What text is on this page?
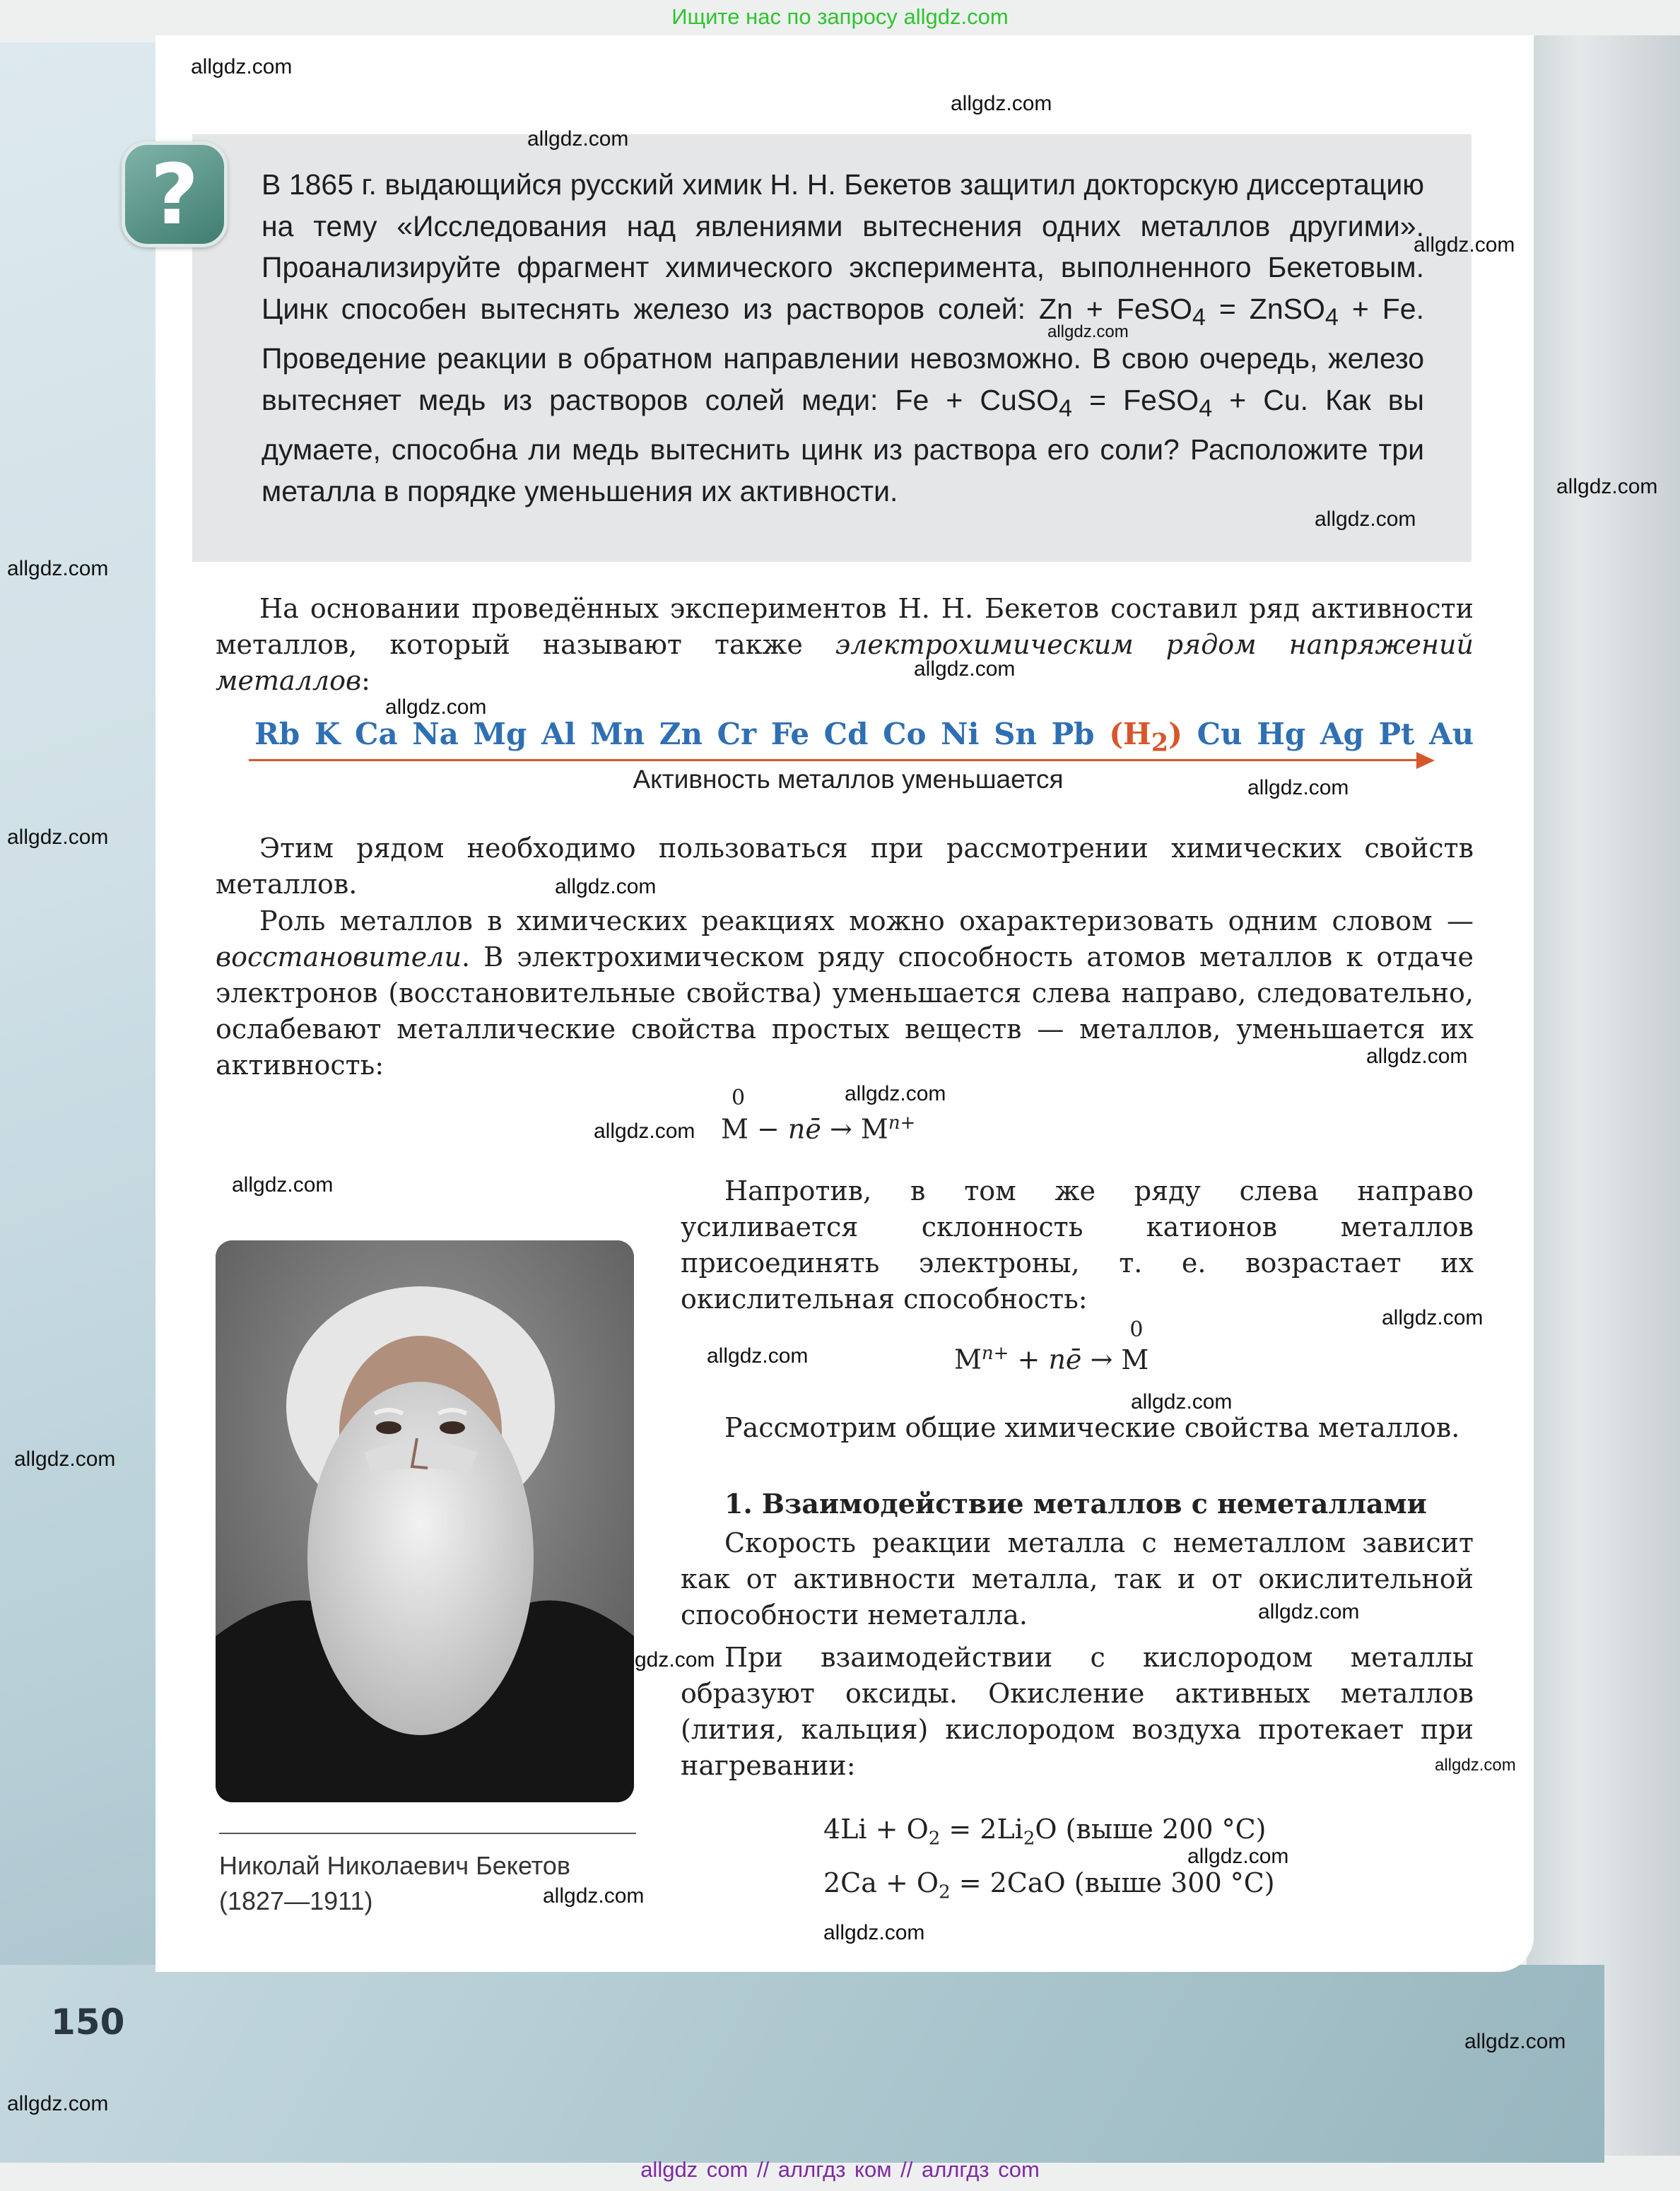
Ищите нас по запросу allgdz.com
?	В 1865 г. выдающийся русский химик Н. Н. Бекетов защитил докторскую диссертацию на тему «Исследования над явлениями вытеснения одних металлов другими». Проанализируйте фрагмент химического эксперимента, выполненного Бекетовым. Цинк способен вытеснять железо из растворов солей: Zn + FeSO$_4$ = ZnSO$_4$ + Fe. Проведение реакции в обратном направлении невозможно. В свою очередь, железо вытесняет медь из растворов солей меди: Fe + CuSO$_4$ = FeSO$_4$ + Cu. Как вы думаете, способна ли медь вытеснить цинк из раствора его соли? Расположите три металла в порядке уменьшения их активности.
На основании проведённых экспериментов Н. Н. Бекетов составил ряд активности металлов, который называют также электрохимическим рядом напряжений металлов:
Rb K Ca Na Mg Al Mn Zn Cr Fe Cd Co Ni Sn Pb $(H_2)$ Cu Hg Ag Pt Au
Активность металлов уменьшается
Этим рядом необходимо пользоваться при рассмотрении химических свойств металлов.
Роль металлов в химических реакциях можно охарактеризовать одним словом — восстановители. В электрохимическом ряду способность атомов металлов к отдаче электронов (восстановительные свойства) уменьшается слева направо, следовательно, ослабевают металлические свойства простых веществ — металлов, уменьшается их активность:
0
M − nē → $M^{n+}$
Напротив, в том же ряду слева направо усиливается склонность катионов металлов присоединять электроны, т. е. возрастает их окислительная способность:
$M^{n+}$ + nē →
0
M
Рассмотрим общие химические свойства металлов.
1. Взаимодействие металлов с неметаллами
Скорость реакции металла с неметаллом зависит как от активности металла, так и от окислительной способности неметалла.
При взаимодействии с кислородом металлы образуют оксиды. Окисление активных металлов (лития, кальция) кислородом воздуха протекает при нагревании:
$4Li + O_2 = 2Li_2O$ (выше 200 °C)
$2Ca + O_2 = 2CaO$ (выше 300 °C)
Николай Николаевич Бекетов
(1827—1911)
150
allgdz.com
allgdz.com
allgdz.com
allgdz.com
allgdz.com
allgdz.com
allgdz.com
allgdz.com
allgdz.com
allgdz.com
allgdz.com
allgdz.com
allgdz.com
allgdz.com
allgdz.com
allgdz.com
allgdz.com
allgdz.com
allgdz.com
allgdz.com
allgdz.com
allgdz.com
gdz.com
allgdz.com
allgdz.com
allgdz.com
allgdz.com
allgdz.com
allgdz.com
allgdz com // аллгдз ком // аллгдз com
